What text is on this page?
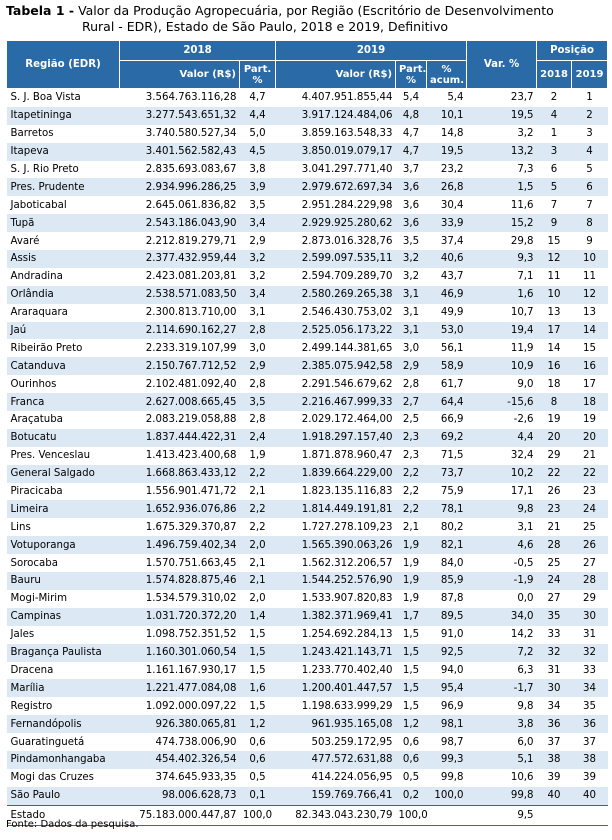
Tabela 1 - Valor da Produção Agropecuária, por Região (Escritório de Desenvolvimento
Rural - EDR), Estado de São Paulo, 2018 e 2019, Definitivo
Região (EDR)	2018		2019			Var. %	Posição	
	Valor (R$)	Part. %	Valor (R$)	Part. %	% acum.		2018	2019
S. J. Boa Vista	3.564.763.116,28	4,7	4.407.951.855,44	5,4	5,4	23,7	2	1
Itapetininga	3.277.543.651,32	4,4	3.917.124.484,06	4,8	10,1	19,5	4	2
Barretos	3.740.580.527,34	5,0	3.859.163.548,33	4,7	14,8	3,2	1	3
Itapeva	3.401.562.582,43	4,5	3.850.019.079,17	4,7	19,5	13,2	3	4
S. J. Rio Preto	2.835.693.083,67	3,8	3.041.297.771,40	3,7	23,2	7,3	6	5
Pres. Prudente	2.934.996.286,25	3,9	2.979.672.697,34	3,6	26,8	1,5	5	6
Jaboticabal	2.645.061.836,82	3,5	2.951.284.229,98	3,6	30,4	11,6	7	7
Tupã	2.543.186.043,90	3,4	2.929.925.280,62	3,6	33,9	15,2	9	8
Avaré	2.212.819.279,71	2,9	2.873.016.328,76	3,5	37,4	29,8	15	9
Assis	2.377.432.959,44	3,2	2.599.097.535,11	3,2	40,6	9,3	12	10
Andradina	2.423.081.203,81	3,2	2.594.709.289,70	3,2	43,7	7,1	11	11
Orlândia	2.538.571.083,50	3,4	2.580.269.265,38	3,1	46,9	1,6	10	12
Araraquara	2.300.813.710,00	3,1	2.546.430.753,02	3,1	49,9	10,7	13	13
Jaú	2.114.690.162,27	2,8	2.525.056.173,22	3,1	53,0	19,4	17	14
Ribeirão Preto	2.233.319.107,99	3,0	2.499.144.381,65	3,0	56,1	11,9	14	15
Catanduva	2.150.767.712,52	2,9	2.385.075.942,58	2,9	58,9	10,9	16	16
Ourinhos	2.102.481.092,40	2,8	2.291.546.679,62	2,8	61,7	9,0	18	17
Franca	2.627.008.665,45	3,5	2.216.467.999,33	2,7	64,4	-15,6	8	18
Araçatuba	2.083.219.058,88	2,8	2.029.172.464,00	2,5	66,9	-2,6	19	19
Botucatu	1.837.444.422,31	2,4	1.918.297.157,40	2,3	69,2	4,4	20	20
Pres. Venceslau	1.413.423.400,68	1,9	1.871.878.960,47	2,3	71,5	32,4	29	21
General Salgado	1.668.863.433,12	2,2	1.839.664.229,00	2,2	73,7	10,2	22	22
Piracicaba	1.556.901.471,72	2,1	1.823.135.116,83	2,2	75,9	17,1	26	23
Limeira	1.652.936.076,86	2,2	1.814.449.191,81	2,2	78,1	9,8	23	24
Lins	1.675.329.370,87	2,2	1.727.278.109,23	2,1	80,2	3,1	21	25
Votuporanga	1.496.759.402,34	2,0	1.565.390.063,26	1,9	82,1	4,6	28	26
Sorocaba	1.570.751.663,45	2,1	1.562.312.206,57	1,9	84,0	-0,5	25	27
Bauru	1.574.828.875,46	2,1	1.544.252.576,90	1,9	85,9	-1,9	24	28
Mogi-Mirim	1.534.579.310,02	2,0	1.533.907.820,83	1,9	87,8	0,0	27	29
Campinas	1.031.720.372,20	1,4	1.382.371.969,41	1,7	89,5	34,0	35	30
Jales	1.098.752.351,52	1,5	1.254.692.284,13	1,5	91,0	14,2	33	31
Bragança Paulista	1.160.301.060,54	1,5	1.243.421.143,71	1,5	92,5	7,2	32	32
Dracena	1.161.167.930,17	1,5	1.233.770.402,40	1,5	94,0	6,3	31	33
Marília	1.221.477.084,08	1,6	1.200.401.447,57	1,5	95,4	-1,7	30	34
Registro	1.092.000.097,22	1,5	1.198.633.999,29	1,5	96,9	9,8	34	35
Fernandópolis	926.380.065,81	1,2	961.935.165,08	1,2	98,1	3,8	36	36
Guaratinguetá	474.738.006,90	0,6	503.259.172,95	0,6	98,7	6,0	37	37
Pindamonhangaba	454.402.326,54	0,6	477.572.631,88	0,6	99,3	5,1	38	38
Mogi das Cruzes	374.645.933,35	0,5	414.224.056,95	0,5	99,8	10,6	39	39
São Paulo	98.006.628,73	0,1	159.769.766,41	0,2	100,0	99,8	40	40
Estado	75.183.000.447,87	100,0	82.343.043.230,79	100,0		9,5		
Fonte: Dados da pesquisa.
